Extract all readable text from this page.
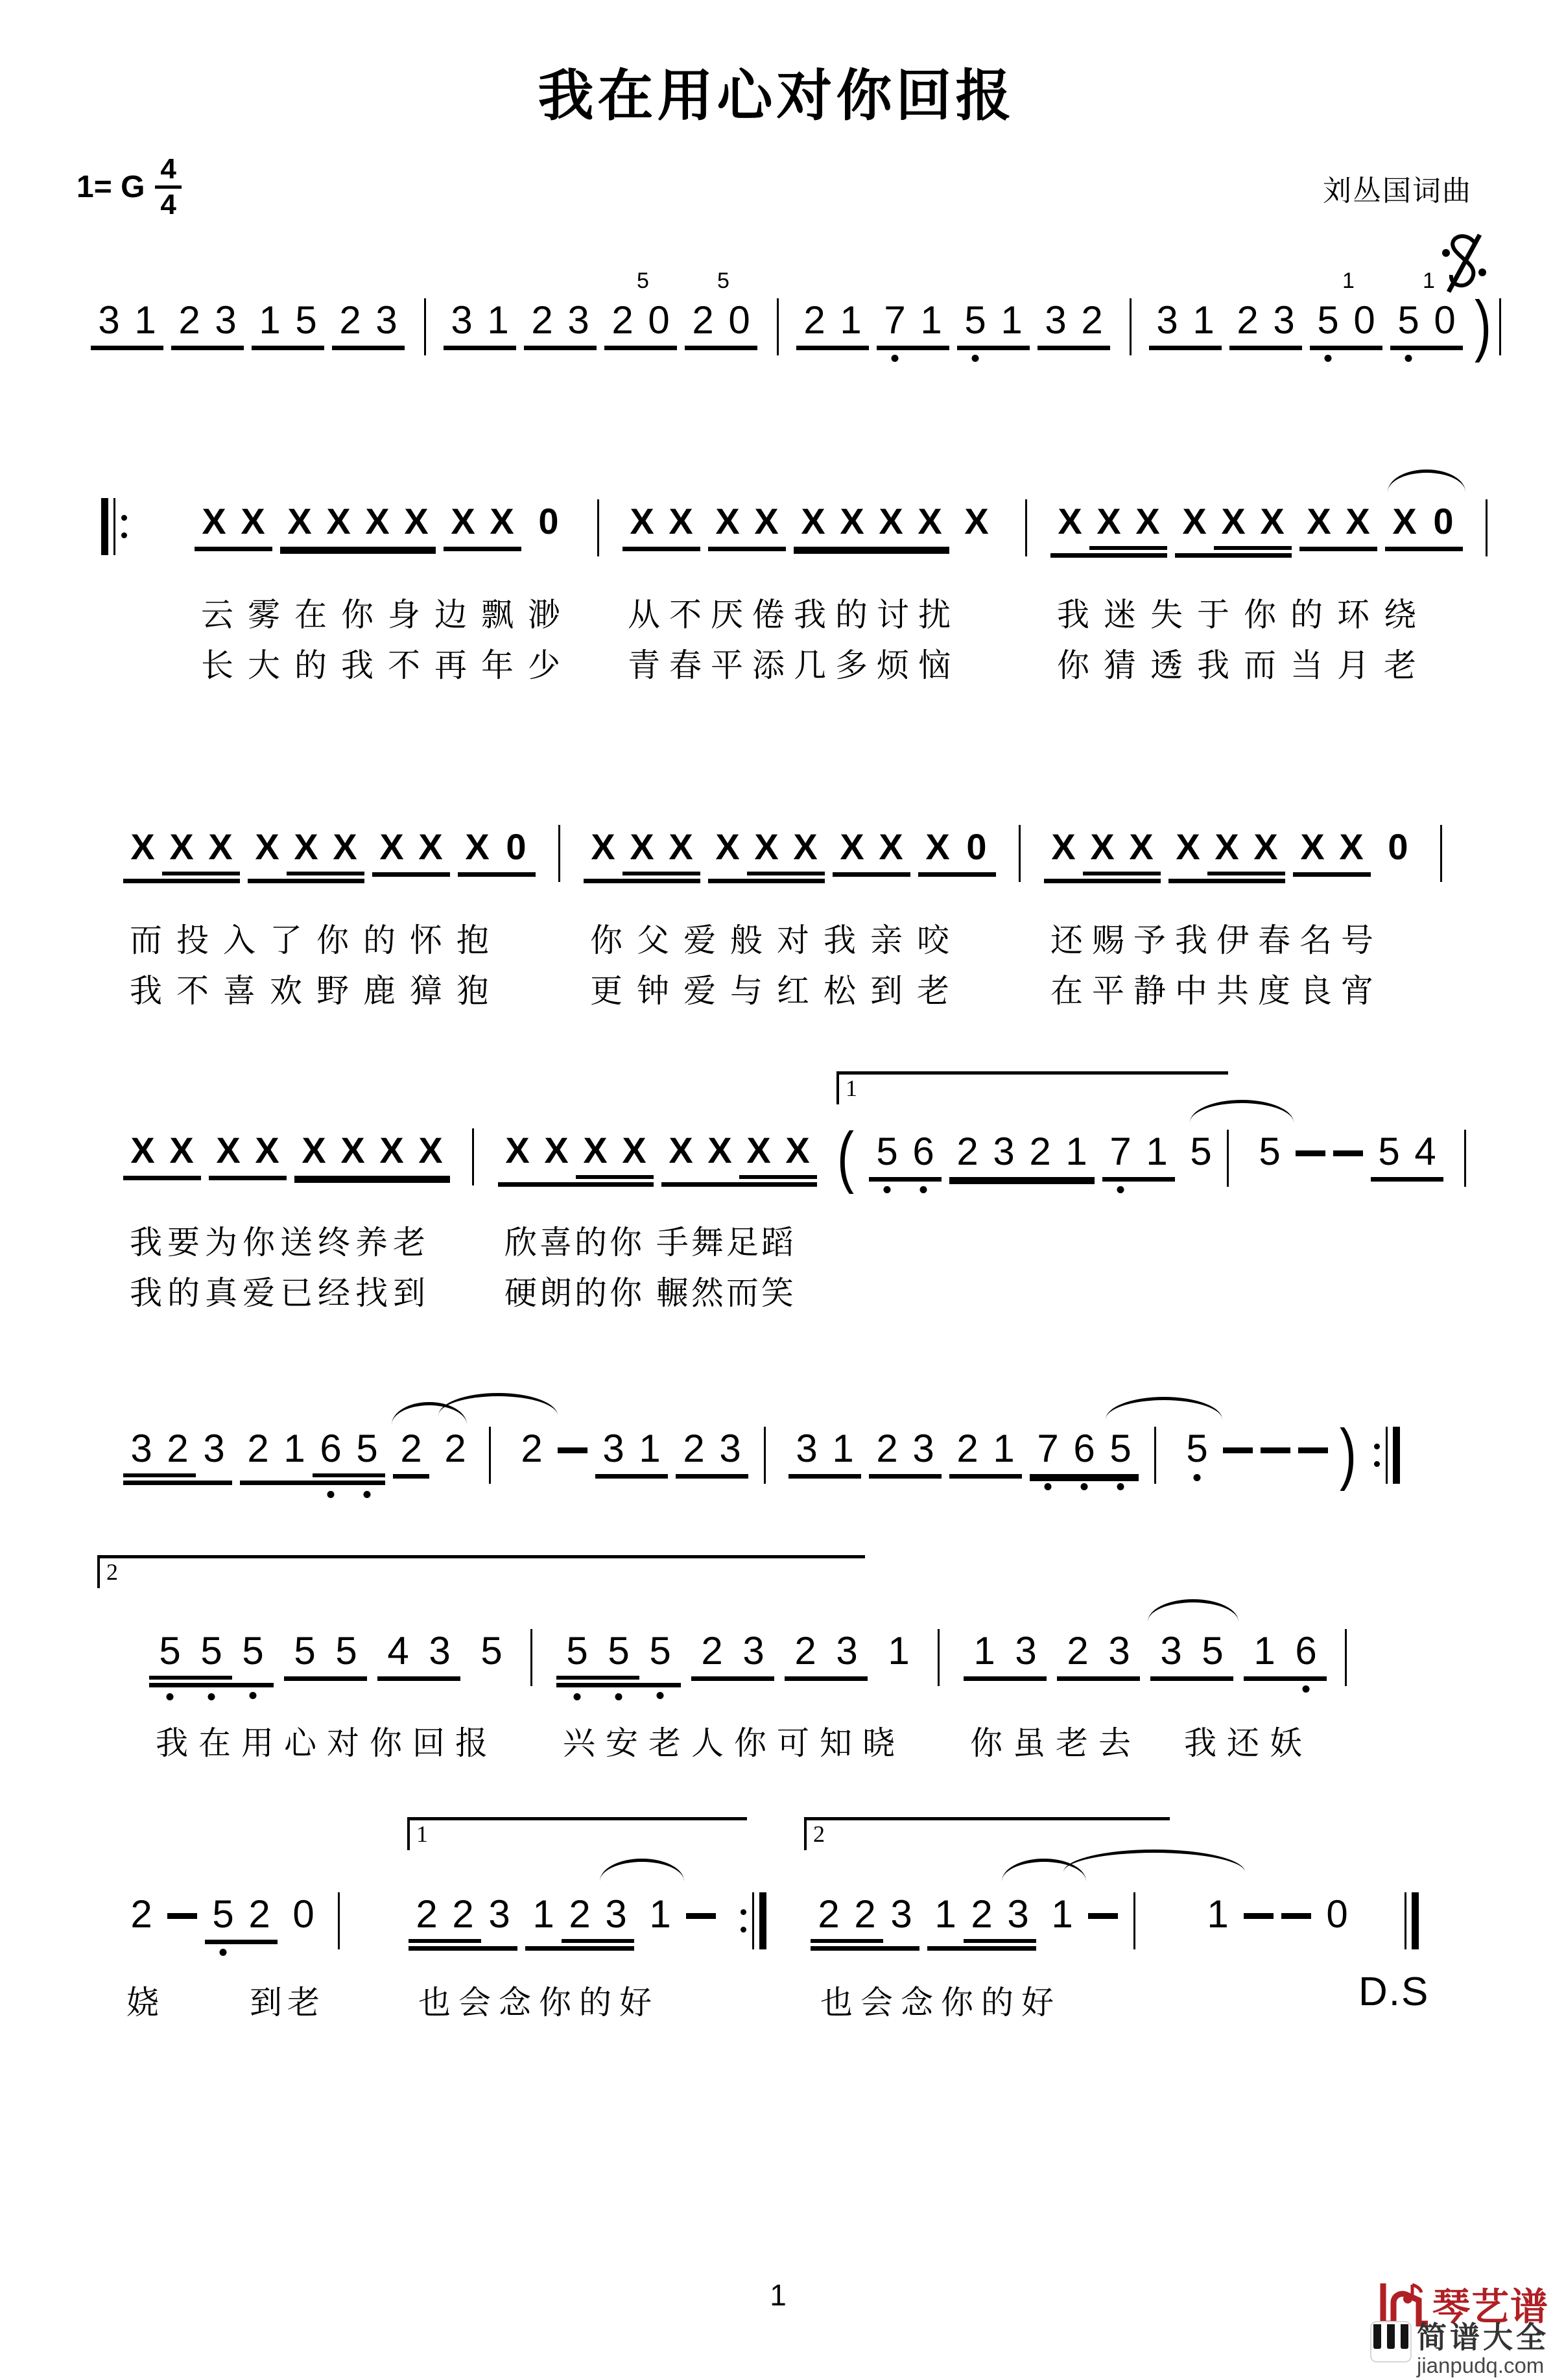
我在用心对你回报
1= G $\frac{4}{4}$	刘丛国词曲
1	琴艺谱
简谱大全
jianpudq.com
3 1 2 3 1 5 2 3 3 1 2 3 2 0
5
2 0
5
2 1 7 1 5 1 3 2 3 1 2 3 5 0
1
5 0
1
)
X X X X X X X X 0 X X X X X X X X X X X X X X X X X X 0
云雾在你身边飘渺 从不厌倦我的讨扰	我迷失于你的环绕
长大的我不再年少 青春平添几多烦恼	你猜透我而当月老
X X X X X X X X X 0 X X X X X X X X X 0 X X X X X X X X 0
而投入了你的怀抱	你父爱般对我亲咬	还赐予我伊春名号
我不喜欢野鹿獐狍	更钟爱与红松到老	在平静中共度良宵
X X X X X X X X X X X X X X X X ( 5 6 2 3 2 1 7 1 5 5	5 4
我要为你送终养老 欣喜的你 手舞足蹈
我的真爱已经找到 硬朗的你 輾然而笑
1
3 2 3 2 1 6 5 2 2 2 3 1 2 3 3 1 2 3 2 1 7 6 5 5	)
5 5 5 5 5 4 3 5 5 5 5 2 3 2 3 1 1 3 2 3 3 5 1 6
我在用心对你回报 兴安老人你可知晓 你虽老去　我还妖
2
2 5 2 0	2 2 3 1 2 3 1	2 2 3 1 2 3 1	1	0
娆	到老	也会念你的好	也会念你的好	D.S
1	2
